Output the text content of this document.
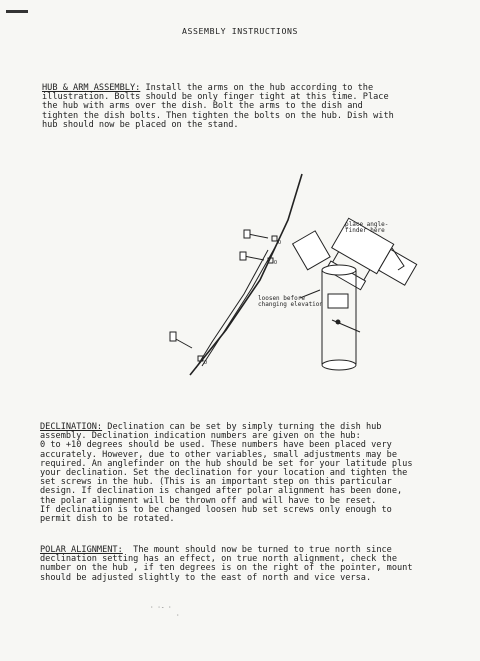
ASSEMBLY INSTRUCTIONS
HUB & ARM ASSEMBLY: Install the arms on the hub according to the
illustration. Bolts should be only finger tight at this time. Place
the hub with arms over the dish. Bolt the arms to the dish and
tighten the dish bolts. Then tighten the bolts on the hub. Dish with
hub should now be placed on the stand.
O
O
O
place angle-
finder here
loosen before
changing elevation
DECLINATION: Declination can be set by simply turning the dish hub
assembly. Declination indication numbers are given on the hub:
0 to +10 degrees should be used. These numbers have been placed very
accurately. However, due to other variables, small adjustments may be
required. An anglefinder on the hub should be set for your latitude plus
your declination. Set the declination for your location and tighten the
set screws in the hub. (This is an important step on this particular
design. If declination is changed after polar alignment has been done,
the polar alignment will be thrown off and will have to be reset.
If declination is to be changed loosen hub set screws only enough to
permit dish to be rotated.
POLAR ALIGNMENT:  The mount should now be turned to true north since
declination setting has an effect, on true north alignment, check the
number on the hub , if ten degrees is on the right of the pointer, mount
should be adjusted slightly to the east of north and vice versa.
· ·- ·
·
